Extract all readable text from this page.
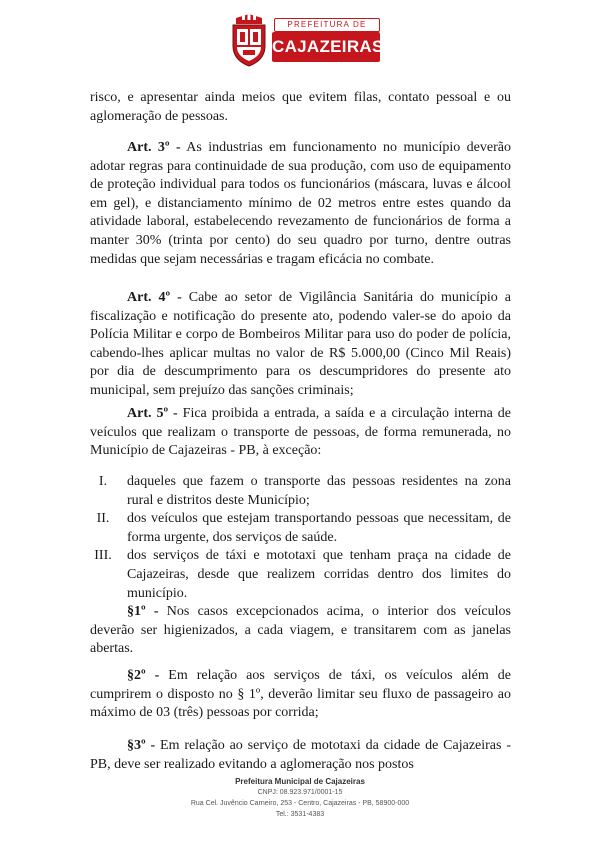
PREFEITURA DE
CAJAZEIRAS

risco, e apresentar ainda meios que evitem filas, contato pessoal e ou aglomeração de pessoas.

Art. 3º - As industrias em funcionamento no município deverão adotar regras para continuidade de sua produção, com uso de equipamento de proteção individual para todos os funcionários (máscara, luvas e álcool em gel), e distanciamento mínimo de 02 metros entre estes quando da atividade laboral, estabelecendo revezamento de funcionários de forma a manter 30% (trinta por cento) do seu quadro por turno, dentre outras medidas que sejam necessárias e tragam eficácia no combate.

Art. 4º - Cabe ao setor de Vigilância Sanitária do município a fiscalização e notificação do presente ato, podendo valer-se do apoio da Polícia Militar e corpo de Bombeiros Militar para uso do poder de polícia, cabendo-lhes aplicar multas no valor de R$ 5.000,00 (Cinco Mil Reais) por dia de descumprimento para os descumpridores do presente ato municipal, sem prejuízo das sanções criminais;

Art. 5º - Fica proibida a entrada, a saída e a circulação interna de veículos que realizam o transporte de pessoas, de forma remunerada, no Município de Cajazeiras - PB, à exceção:

I.	daqueles que fazem o transporte das pessoas residentes na zona rural e distritos deste Município;
II.	dos veículos que estejam transportando pessoas que necessitam, de forma urgente, dos serviços de saúde.
III.	dos serviços de táxi e mototaxi que tenham praça na cidade de Cajazeiras, desde que realizem corridas dentro dos limites do município.

§1º - Nos casos excepcionados acima, o interior dos veículos deverão ser higienizados, a cada viagem, e transitarem com as janelas abertas.

§2º - Em relação aos serviços de táxi, os veículos além de cumprirem o disposto no § 1º, deverão limitar seu fluxo de passageiro ao máximo de 03 (três) pessoas por corrida;

§3º - Em relação ao serviço de mototaxi da cidade de Cajazeiras - PB, deve ser realizado evitando a aglomeração nos postos

Prefeitura Municipal de Cajazeiras
CNPJ: 08.923.971/0001-15
Rua Cel. Juvêncio Carneiro, 253 - Centro, Cajazeiras - PB, 58900-000
Tel.: 3531-4383
